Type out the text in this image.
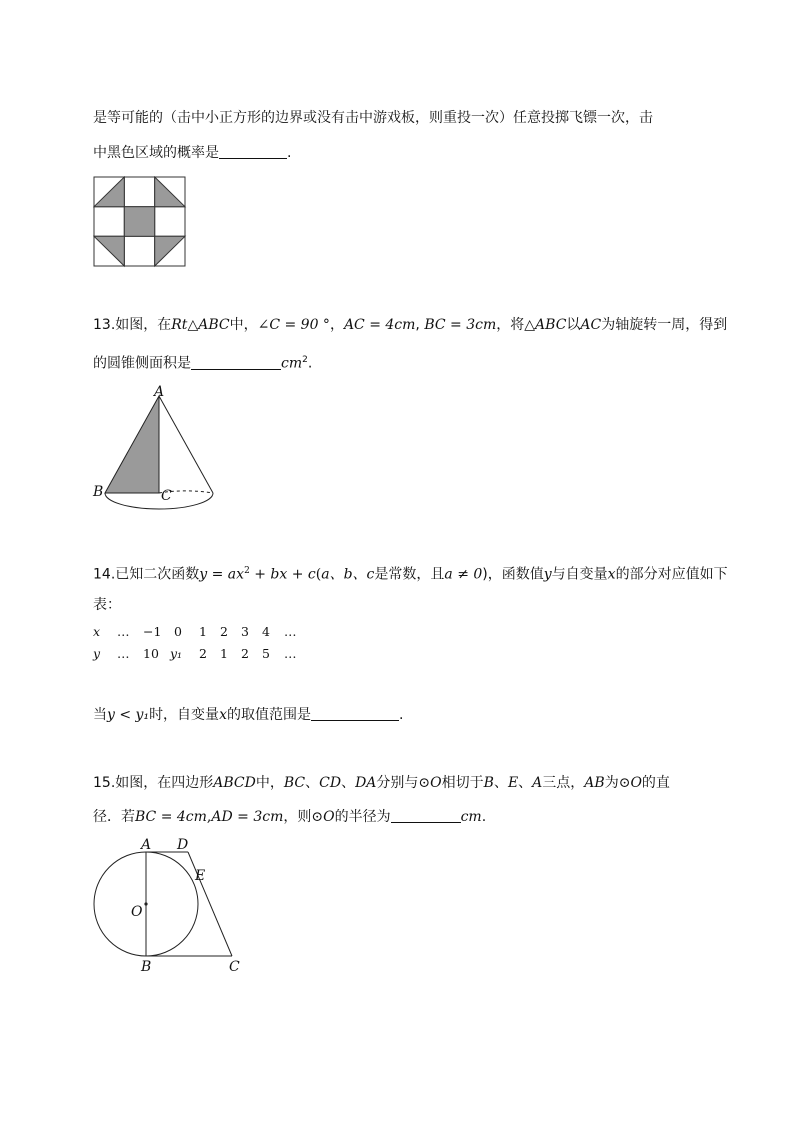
是等可能的（击中小正方形的边界或没有击中游戏板，则重投一次）任意投掷飞镖一次，击
中黑色区域的概率是	.
13.如图，在Rt△ABC中，∠C = 90 °，AC = 4cm, BC = 3cm，将△ABC以AC为轴旋转一周，得到
的圆锥侧面积是	$cm^2$.
A
B	C
14.已知二次函数$y = ax^2$ + bx + c(a、b、c是常数，且a ≠ 0)，函数值y与自变量x的部分对应值如下
表：
x … −1 0 1 2 3 4 …
y … 10 y₁ 2 1 2 5 …
当y < y₁时，自变量x的取值范围是	.
15.如图，在四边形ABCD中，BC、CD、DA分别与⊙O相切于B、E、A三点，AB为⊙O的直
径．若BC = 4cm,AD = 3cm，则⊙O的半径为	cm.
A D
E
O
B	C
